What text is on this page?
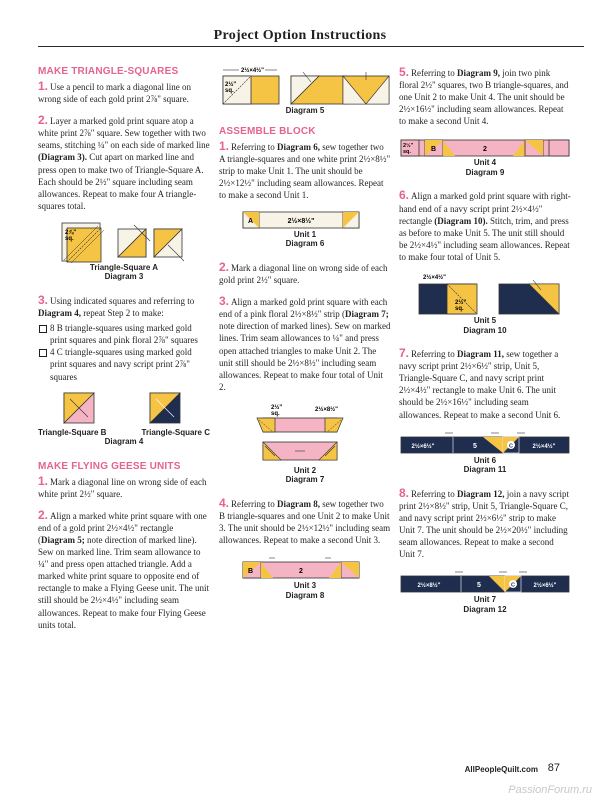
Project Option Instructions
MAKE TRIANGLE-SQUARES

1. Use a pencil to mark a diagonal line on wrong side of each gold print 2⅞" square.

2. Layer a marked gold print square atop a white print 2⅞" square. Sew together with two seams, stitching ¼" on each side of marked line (Diagram 3). Cut apart on marked line and press open to make two of Triangle-Square A. Each should be 2½" square including seam allowances. Repeat to make four A triangle-squares total.

2⅞"
sq.
Triangle-Square A
Diagram 3

3. Using indicated squares and referring to Diagram 4, repeat Step 2 to make:

8 B triangle-squares using marked gold print squares and pink floral 2⅞" squares
4 C triangle-squares using marked gold print squares and navy script print 2⅞" squares
Triangle-Square B	Triangle-Square C
Diagram 4
MAKE FLYING GEESE UNITS

1. Mark a diagonal line on wrong side of each white print 2½" square.

2. Align a marked white print square with one end of a gold print 2½×4½" rectangle (Diagram 5; note direction of marked line). Sew on marked line. Trim seam allowance to ¼" and press open attached triangle. Add a marked white print square to opposite end of rectangle to make a Flying Geese unit. The unit still should be 2½×4½" including seam allowances. Repeat to make four Flying Geese units total.

2½×4½"
2½"
sq.
Diagram 5
ASSEMBLE BLOCK

1. Referring to Diagram 6, sew together two A triangle-squares and one white print 2½×8½" strip to make Unit 1. The unit should be 2½×12½" including seam allowances. Repeat to make a second Unit 1.

A	2½×8½"
Unit 1
Diagram 6

2. Mark a diagonal line on wrong side of each gold print 2½" square.

3. Align a marked gold print square with each end of a pink floral 2½×8½" strip (Diagram 7; note direction of marked lines). Sew on marked lines. Trim seam allowances to ¼" and press open attached triangles to make Unit 2. The unit still should be 2½×8½" including seam allowances. Repeat to make four total of Unit 2.

2½"
sq.
2½×8½"
Unit 2
Diagram 7

4. Referring to Diagram 8, sew together two B triangle-squares and one Unit 2 to make Unit 3. The unit should be 2½×12½" including seam allowances. Repeat to make a second Unit 3.

B	2
Unit 3
Diagram 8

5. Referring to Diagram 9, join two pink floral 2½" squares, two B triangle-squares, and one Unit 2 to make Unit 4. The unit should be 2½×16½" including seam allowances. Repeat to make a second Unit 4.

2½"
sq.	B	2
Unit 4
Diagram 9

6. Align a marked gold print square with right-hand end of a navy script print 2½×4½" rectangle (Diagram 10). Stitch, trim, and press as before to make Unit 5. The unit still should be 2½×4½" including seam allowances. Repeat to make four total of Unit 5.

2½×4½"
2½"
sq.
Unit 5
Diagram 10

7. Referring to Diagram 11, sew together a navy script print 2½×6½" strip, Unit 5, Triangle-Square C, and navy script print 2½×4½" rectangle to make Unit 6. The unit should be 2½×16½" including seam allowances. Repeat to make a second Unit 6.

2½×6½"	5	C	2½×4½"
Unit 6
Diagram 11

8. Referring to Diagram 12, join a navy script print 2½×8½" strip, Unit 5, Triangle-Square C, and navy script print 2½×6½" strip to make Unit 7. The unit should be 2½×20½" including seam allowances. Repeat to make a second Unit 7.

2½×8½"	5	C	2½×6½"
Unit 7
Diagram 12
AllPeopleQuilt.com 87
PassionForum.ru
